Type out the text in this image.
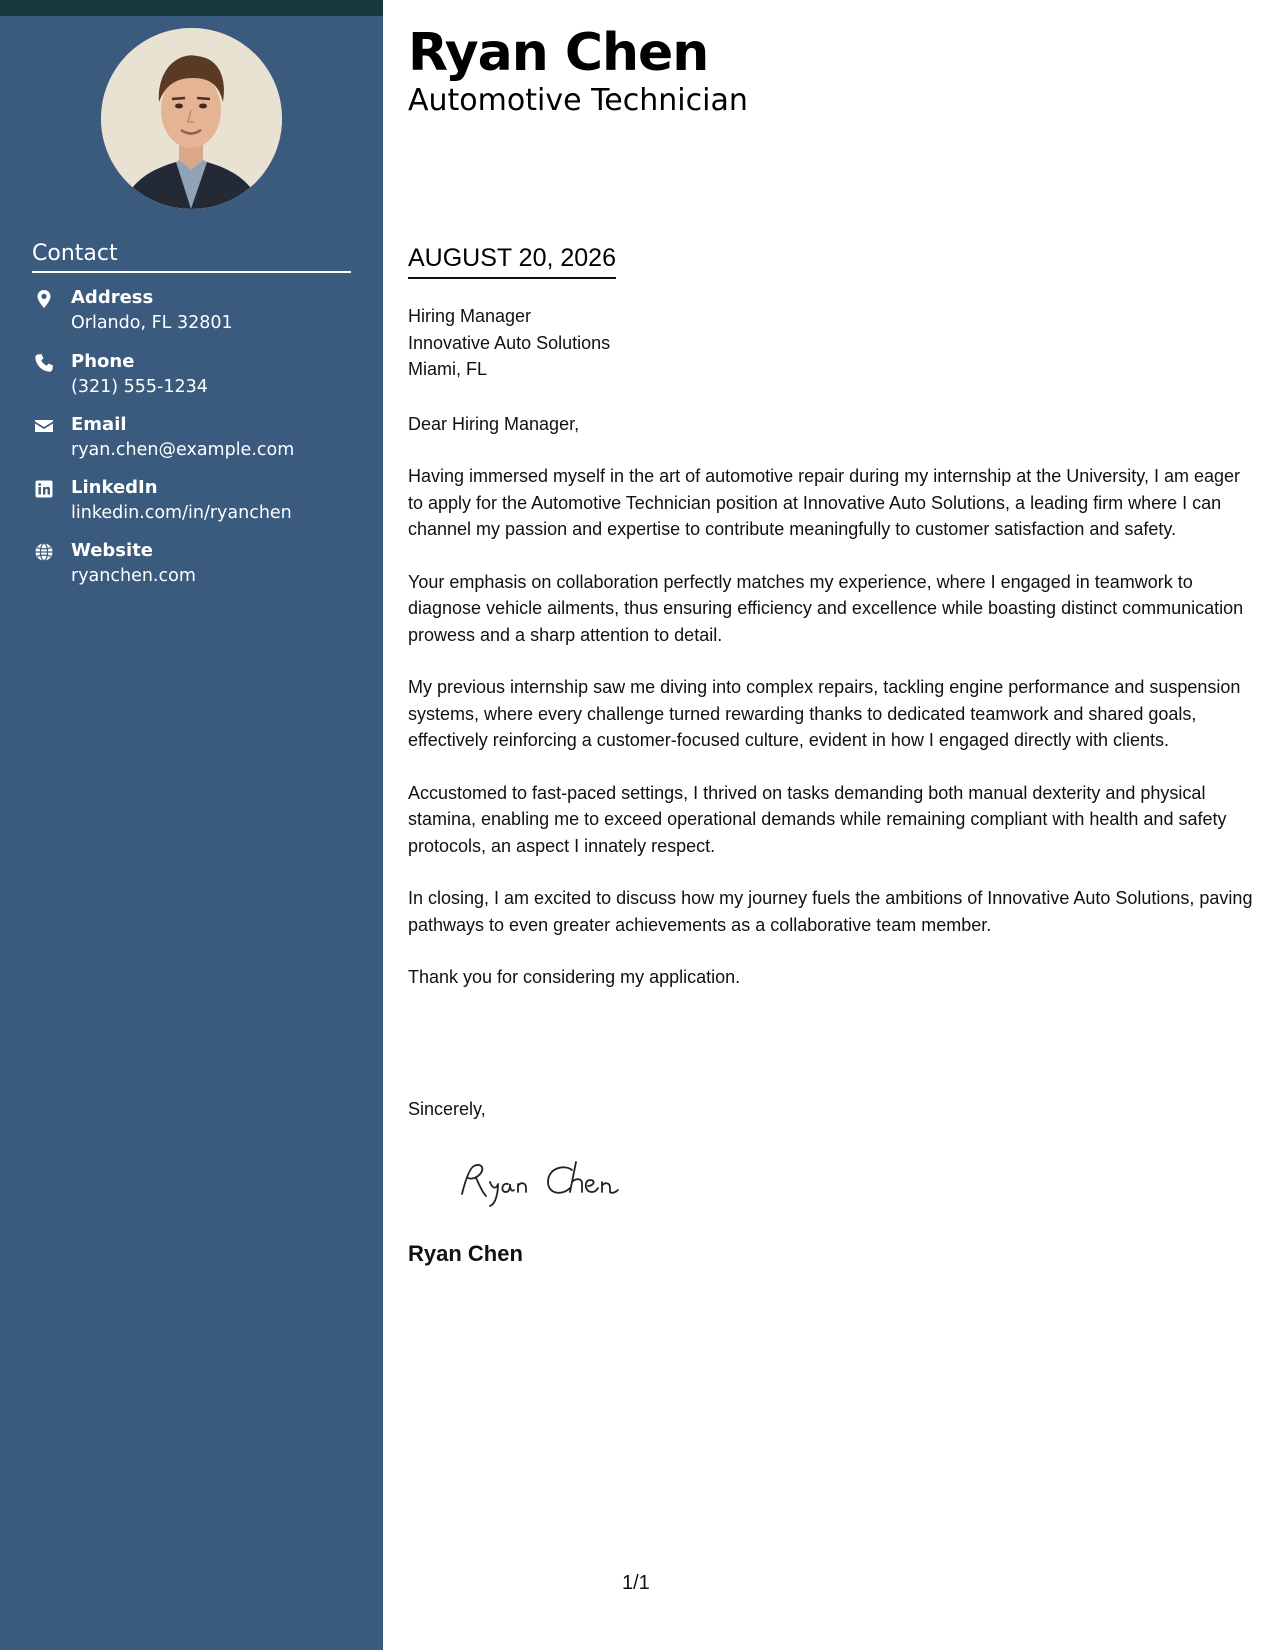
Contact
Address
Orlando, FL 32801
Phone
(321) 555-1234
Email
ryan.chen@example.com
LinkedIn
linkedin.com/in/ryanchen
Website
ryanchen.com
Ryan Chen
Automotive Technician
AUGUST 20, 2026
Hiring Manager
Innovative Auto Solutions
Miami, FL
Dear Hiring Manager,

Having immersed myself in the art of automotive repair during my internship at the University, I am eager to apply for the Automotive Technician position at Innovative Auto Solutions, a leading firm where I can channel my passion and expertise to contribute meaningfully to customer satisfaction and safety.

Your emphasis on collaboration perfectly matches my experience, where I engaged in teamwork to diagnose vehicle ailments, thus ensuring efficiency and excellence while boasting distinct communication prowess and a sharp attention to detail.

My previous internship saw me diving into complex repairs, tackling engine performance and suspension systems, where every challenge turned rewarding thanks to dedicated teamwork and shared goals, effectively reinforcing a customer-focused culture, evident in how I engaged directly with clients.

Accustomed to fast-paced settings, I thrived on tasks demanding both manual dexterity and physical stamina, enabling me to exceed operational demands while remaining compliant with health and safety protocols, an aspect I innately respect.

In closing, I am excited to discuss how my journey fuels the ambitions of Innovative Auto Solutions, paving pathways to even greater achievements as a collaborative team member.

Thank you for considering my application.

Sincerely,
Ryan Chen
1/1
